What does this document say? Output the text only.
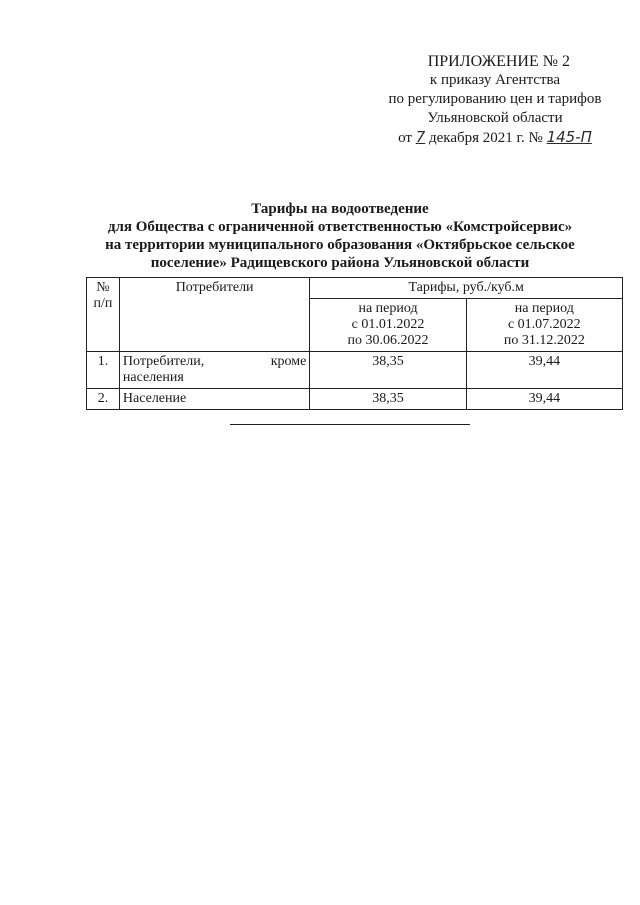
ПРИЛОЖЕНИЕ № 2
к приказу Агентства
по регулированию цен и тарифов
Ульяновской области
от 7 декабря 2021 г. № 145-П
Тарифы на водоотведение
для Общества с ограниченной ответственностью «Комстройсервис»
на территории муниципального образования «Октябрьское сельское
поселение» Радищевского района Ульяновской области
№ п/п	Потребители	Тарифы, руб./куб.м	

		на период
с 01.01.2022
по 30.06.2022	на период
с 01.07.2022
по 31.12.2022

1.	Потребители, кроме
населения	38,35	39,44
2.	Население	38,35	39,44
